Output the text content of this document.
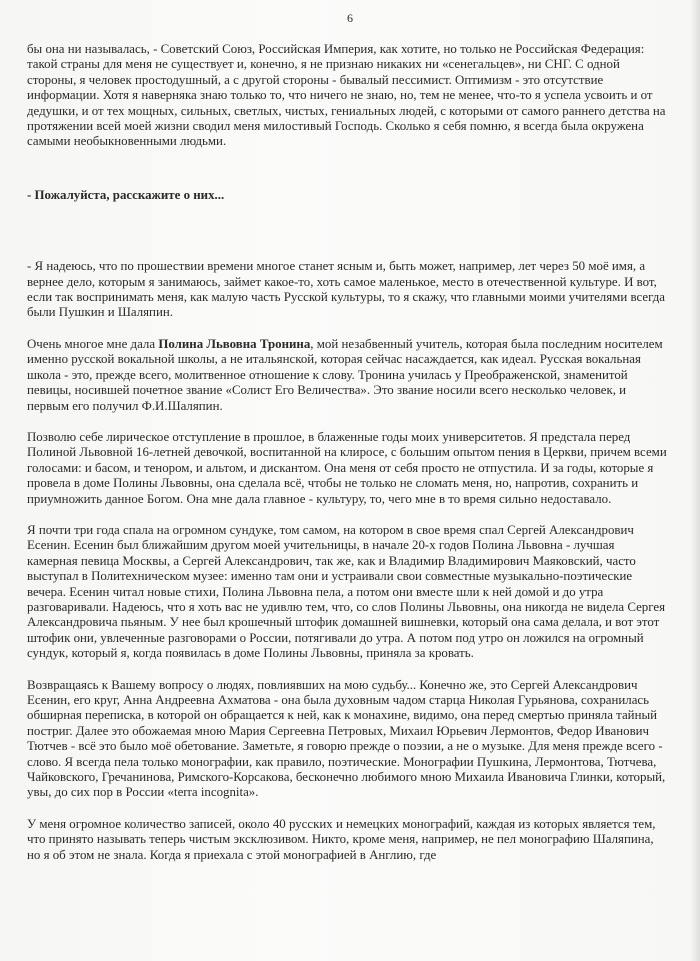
6

бы она ни называлась, - Советский Союз, Российская Империя, как хотите, но только не Российская Федерация: такой страны для меня не существует и, конечно, я не признаю никаких ни «сенегальцев», ни СНГ. С одной стороны, я человек простодушный, а с другой стороны - бывалый пессимист. Оптимизм - это отсутствие информации. Хотя я наверняка знаю только то, что ничего не знаю, но, тем не менее, что-то я успела усвоить и от дедушки, и от тех мощных, сильных, светлых, чистых, гениальных людей, с которыми от самого раннего детства на протяжении всей моей жизни сводил меня милостивый Господь. Сколько я себя помню, я всегда была окружена самыми необыкновенными людьми.

- Пожалуйста, расскажите о них...

- Я надеюсь, что по прошествии времени многое станет ясным и, быть может, например, лет через 50 моё имя, а вернее дело, которым я занимаюсь, займет какое-то, хоть самое маленькое, место в отечественной культуре. И вот, если так воспринимать меня, как малую часть Русской культуры, то я скажу, что главными моими учителями всегда были Пушкин и Шаляпин.

Очень многое мне дала Полина Львовна Тронина, мой незабвенный учитель, которая была последним носителем именно русской вокальной школы, а не итальянской, которая сейчас насаждается, как идеал. Русская вокальная школа - это, прежде всего, молитвенное отношение к слову. Тронина училась у Преображенской, знаменитой певицы, носившей почетное звание «Солист Его Величества». Это звание носили всего несколько человек, и первым его получил Ф.И.Шаляпин.

Позволю себе лирическое отступление в прошлое, в блаженные годы моих университетов. Я предстала перед Полиной Львовной 16-летней девочкой, воспитанной на клиросе, с большим опытом пения в Церкви, причем всеми голосами: и басом, и тенором, и альтом, и дискантом. Она меня от себя просто не отпустила. И за годы, которые я провела в доме Полины Львовны, она сделала всё, чтобы не только не сломать меня, но, напротив, сохранить и приумножить данное Богом. Она мне дала главное - культуру, то, чего мне в то время сильно недоставало.

Я почти три года спала на огромном сундуке, том самом, на котором в свое время спал Сергей Александрович Есенин. Есенин был ближайшим другом моей учительницы, в начале 20-х годов Полина Львовна - лучшая камерная певица Москвы, а Сергей Александрович, так же, как и Владимир Владимирович Маяковский, часто выступал в Политехническом музее: именно там они и устраивали свои совместные музыкально-поэтические вечера. Есенин читал новые стихи, Полина Львовна пела, а потом они вместе шли к ней домой и до утра разговаривали. Надеюсь, что я хоть вас не удивлю тем, что, со слов Полины Львовны, она никогда не видела Сергея Александровича пьяным. У нее был крошечный штофик домашней вишневки, который она сама делала, и вот этот штофик они, увлеченные разговорами о России, потягивали до утра. А потом под утро он ложился на огромный сундук, который я, когда появилась в доме Полины Львовны, приняла за кровать.

Возвращаясь к Вашему вопросу о людях, повлиявших на мою судьбу... Конечно же, это Сергей Александрович Есенин, его круг, Анна Андреевна Ахматова - она была духовным чадом старца Николая Гурьянова, сохранилась обширная переписка, в которой он обращается к ней, как к монахине, видимо, она перед смертью приняла тайный постриг. Далее это обожаемая мною Мария Сергеевна Петровых, Михаил Юрьевич Лермонтов, Федор Иванович Тютчев - всё это было моё обетование. Заметьте, я говорю прежде о поэзии, а не о музыке. Для меня прежде всего - слово. Я всегда пела только монографии, как правило, поэтические. Монографии Пушкина, Лермонтова, Тютчева, Чайковского, Гречанинова, Римского-Корсакова, бесконечно любимого мною Михаила Ивановича Глинки, который, увы, до сих пор в России «terra incognita».

У меня огромное количество записей, около 40 русских и немецких монографий, каждая из которых является тем, что принято называть теперь чистым эксклюзивом. Никто, кроме меня, например, не пел монографию Шаляпина, но я об этом не знала. Когда я приехала с этой монографией в Англию, где
